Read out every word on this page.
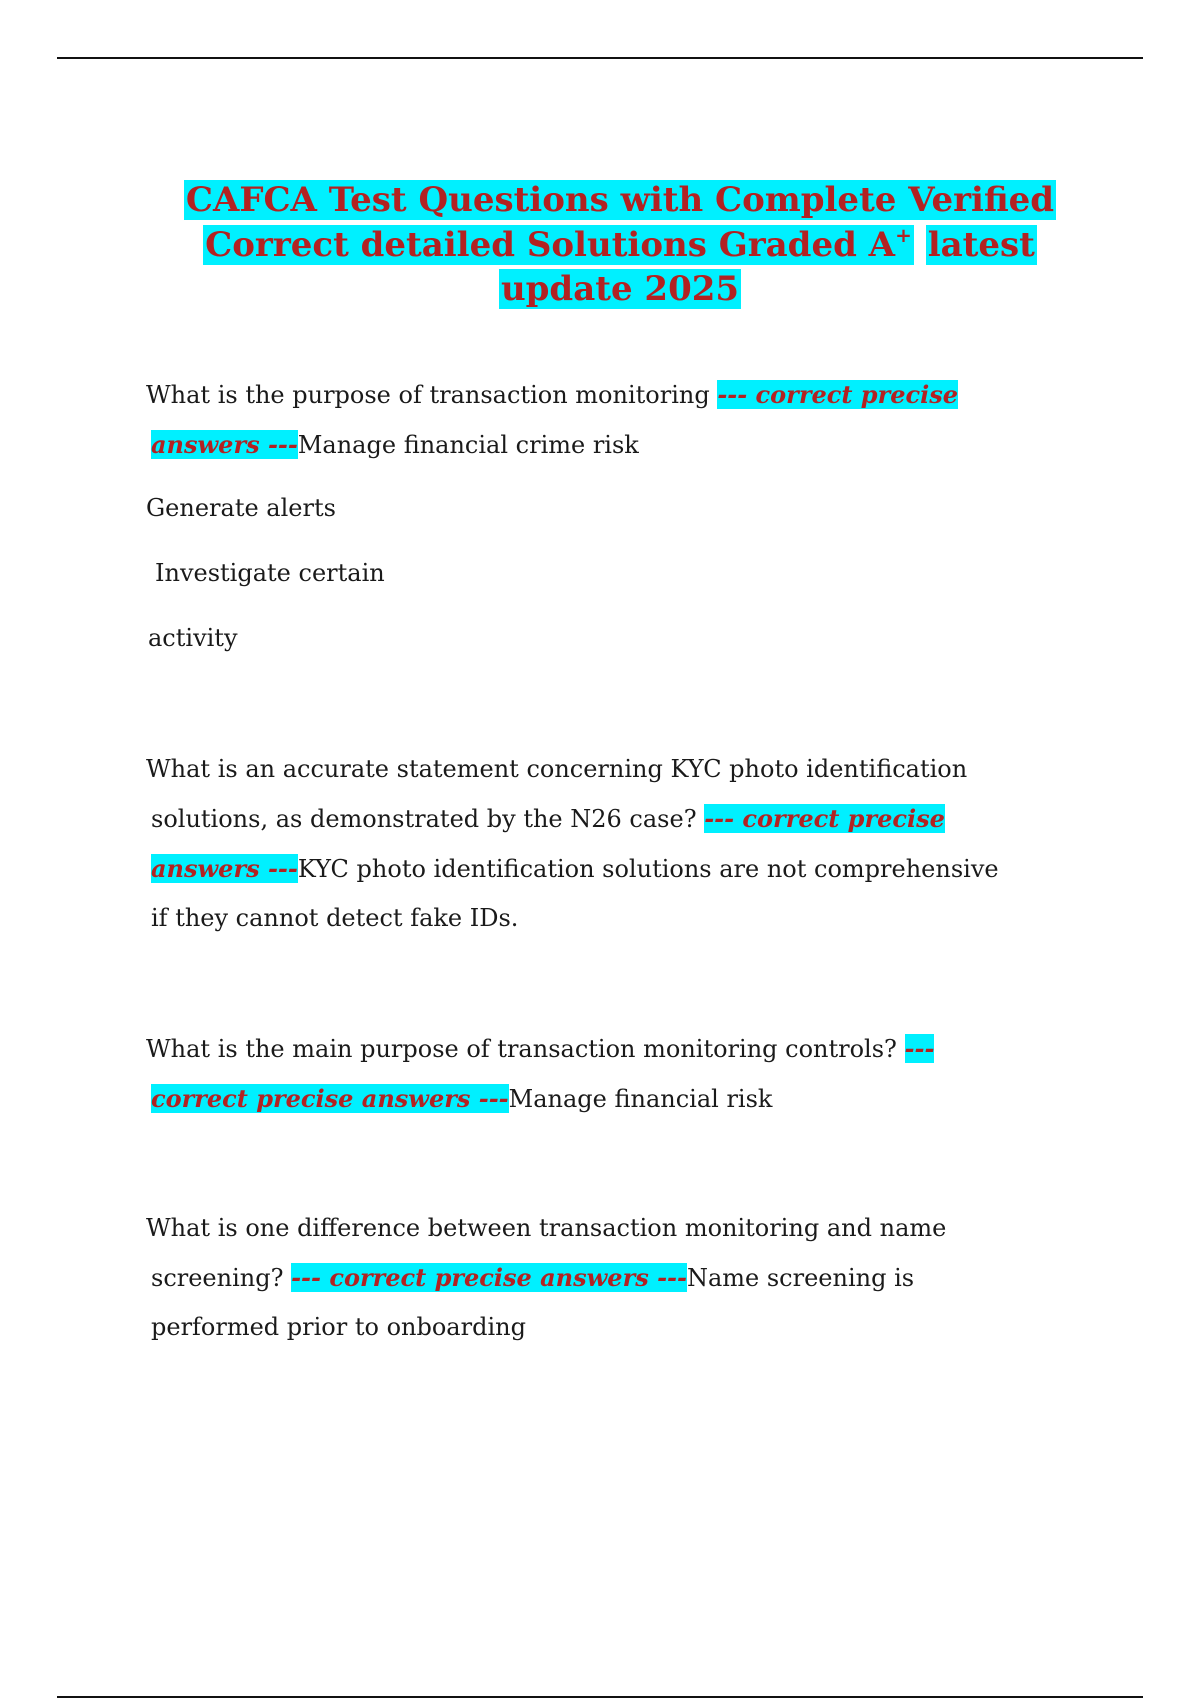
CAFCA Test Questions with Complete Verified
Correct detailed Solutions Graded A+ latest
update 2025

What is the purpose of transaction monitoring --- correct precise
answers ---Manage financial crime risk

Generate alerts

Investigate certain

activity

What is an accurate statement concerning KYC photo identification
solutions, as demonstrated by the N26 case? --- correct precise
answers ---KYC photo identification solutions are not comprehensive
if they cannot detect fake IDs.

What is the main purpose of transaction monitoring controls? ---
correct precise answers ---Manage financial risk

What is one difference between transaction monitoring and name
screening? --- correct precise answers ---Name screening is
performed prior to onboarding
